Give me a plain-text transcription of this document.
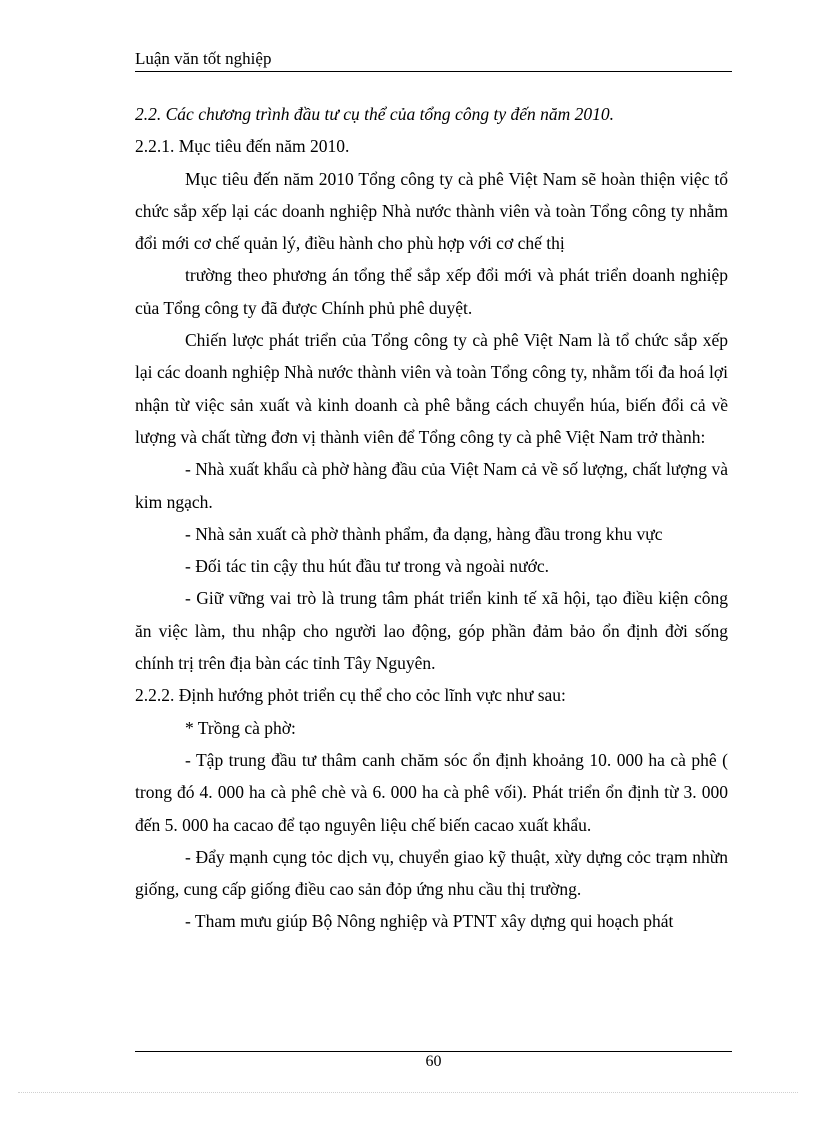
Luận văn tốt nghiệp

2.2. Các chương trình đầu tư cụ thể của tổng công ty đến năm 2010.

2.2.1. Mục tiêu đến năm 2010.

Mục tiêu đến năm 2010 Tổng công ty cà phê Việt Nam sẽ hoàn thiện việc tổ chức sắp xếp lại các doanh nghiệp Nhà nước thành viên và toàn Tổng công ty nhằm đổi mới cơ chế quản lý, điều hành cho phù hợp với cơ chế thị

trường theo phương án tổng thể sắp xếp đổi mới và phát triển doanh nghiệp của Tổng công ty đã được Chính phủ phê duyệt.

Chiến lược phát triển của Tổng công ty cà phê Việt Nam là tổ chức sắp xếp lại các doanh nghiệp Nhà nước thành viên và toàn Tổng công ty, nhằm tối đa hoá lợi nhận từ việc sản xuất và kinh doanh cà phê bằng cách chuyển húa, biến đổi cả về lượng và chất từng đơn vị thành viên để Tổng công ty cà phê Việt Nam trở thành:

- Nhà xuất khẩu cà phờ hàng đầu của Việt Nam cả về số lượng, chất lượng và kim ngạch.

- Nhà sản xuất cà phờ thành phẩm, đa dạng, hàng đầu trong khu vực

- Đối tác tin cậy thu hút đầu tư trong và ngoài nước.

- Giữ vững vai trò là trung tâm phát triển kinh tế xã hội, tạo điều kiện công ăn việc làm, thu nhập cho người lao động, góp phần đảm bảo ổn định đời sống chính trị trên địa bàn các tỉnh Tây Nguyên.

2.2.2. Định hướng phỏt triển cụ thể cho cỏc lĩnh vực như sau:

* Trồng cà phờ:

- Tập trung đầu tư thâm canh chăm sóc ổn định khoảng 10. 000 ha cà phê ( trong đó 4. 000 ha cà phê chè và 6. 000 ha cà phê vối). Phát triển ổn định từ 3. 000 đến 5. 000 ha cacao để tạo nguyên liệu chế biến cacao xuất khẩu.

- Đẩy mạnh cụng tỏc dịch vụ, chuyển giao kỹ thuật, xừy dựng cỏc trạm nhừn giống, cung cấp giống điều cao sản đỏp ứng nhu cầu thị trường.

- Tham mưu giúp Bộ Nông nghiệp và PTNT xây dựng qui hoạch phát

60
